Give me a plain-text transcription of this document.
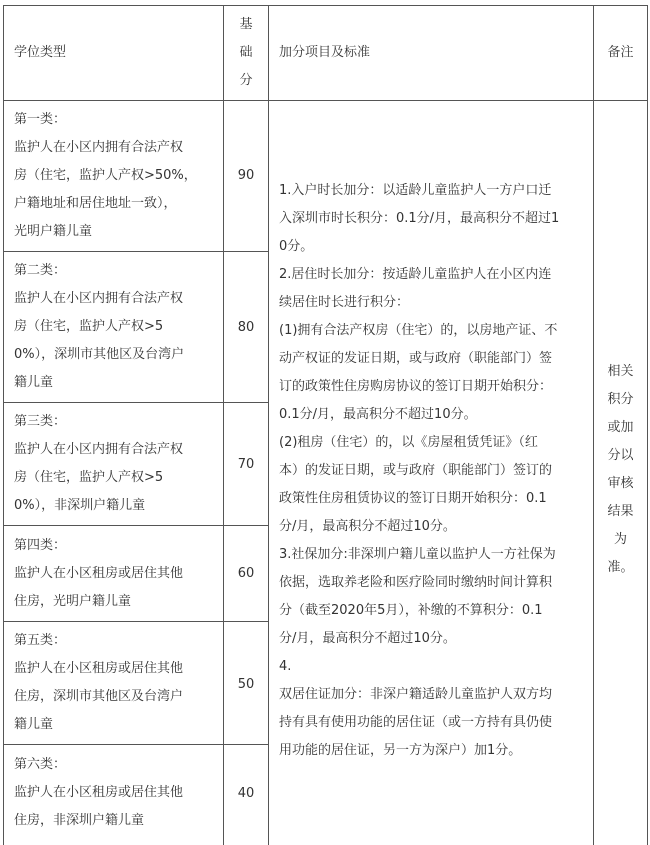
学位类型
基
础
分
加分项目及标准	备注
第一类：
监护人在小区内拥有合法产权
房（住宅，监护人产权>50%，
户籍地址和居住地址一致），
光明户籍儿童
90
第二类：
监护人在小区内拥有合法产权
房（住宅，监护人产权>5
0%），深圳市其他区及台湾户
籍儿童
80
第三类：
监护人在小区内拥有合法产权
房（住宅，监护人产权>5
0%），非深圳户籍儿童
70
第四类：
监护人在小区租房或居住其他
住房，光明户籍儿童
60
第五类：
监护人在小区租房或居住其他
住房，深圳市其他区及台湾户
籍儿童
50
第六类：
监护人在小区租房或居住其他
住房，非深圳户籍儿童
40
1.入户时长加分：以适龄儿童监护人一方户口迁
入深圳市时长积分：0.1分/月，最高积分不超过1
0分。
2.居住时长加分：按适龄儿童监护人在小区内连
续居住时长进行积分：
(1)拥有合法产权房（住宅）的，以房地产证、不
动产权证的发证日期，或与政府（职能部门）签
订的政策性住房购房协议的签订日期开始积分：
0.1分/月，最高积分不超过10分。
(2)租房（住宅）的，以《房屋租赁凭证》（红
本）的发证日期，或与政府（职能部门）签订的
政策性住房租赁协议的签订日期开始积分：0.1
分/月，最高积分不超过10分。
3.社保加分:非深圳户籍儿童以监护人一方社保为
依据，选取养老险和医疗险同时缴纳时间计算积
分（截至2020年5月），补缴的不算积分：0.1
分/月，最高积分不超过10分。
4.
双居住证加分：非深户籍适龄儿童监护人双方均
持有具有使用功能的居住证（或一方持有具仍使
用功能的居住证，另一方为深户）加1分。
相关
积分
或加
分以
审核
结果
为
准。
